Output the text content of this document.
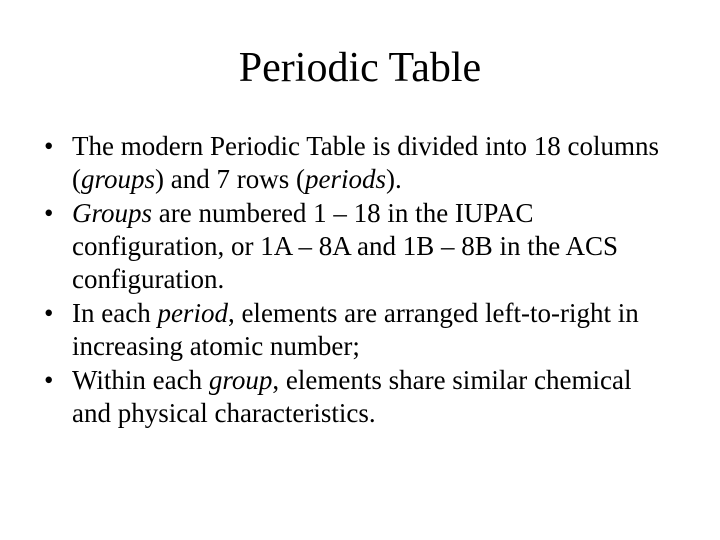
Periodic Table
• The modern Periodic Table is divided into 18 columns (groups) and 7 rows (periods).
• Groups are numbered 1 – 18 in the IUPAC configuration, or 1A – 8A and 1B – 8B in the ACS configuration.
• In each period, elements are arranged left-to-right in increasing atomic number;
• Within each group, elements share similar chemical and physical characteristics.
